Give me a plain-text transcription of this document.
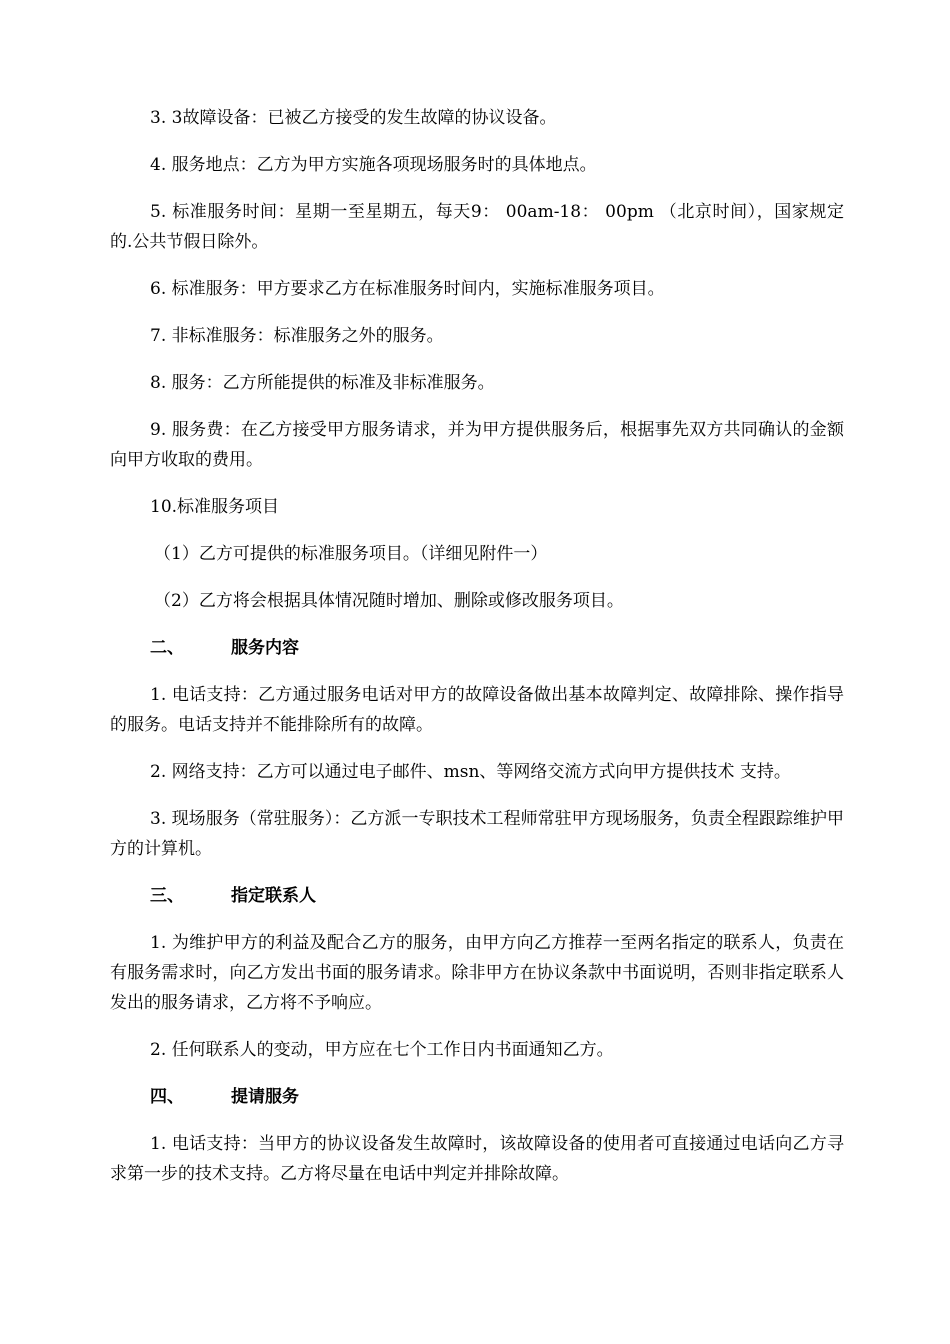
3. 3故障设备：已被乙方接受的发生故障的协议设备。

4. 服务地点：乙方为甲方实施各项现场服务时的具体地点。

5. 标准服务时间：星期一至星期五，每天9： 00am-18： 00pm （北京时间），国家规定的.公共节假日除外。

6. 标准服务：甲方要求乙方在标准服务时间内，实施标准服务项目。

7. 非标准服务：标准服务之外的服务。

8. 服务：乙方所能提供的标准及非标准服务。

9. 服务费：在乙方接受甲方服务请求，并为甲方提供服务后，根据事先双方共同确认的金额向甲方收取的费用。

10.标准服务项目

（1）乙方可提供的标准服务项目。（详细见附件一）

（2）乙方将会根据具体情况随时增加、删除或修改服务项目。

二、	服务内容

1. 电话支持：乙方通过服务电话对甲方的故障设备做出基本故障判定、故障排除、操作指导的服务。电话支持并不能排除所有的故障。

2. 网络支持：乙方可以通过电子邮件、msn、等网络交流方式向甲方提供技术 支持。

3. 现场服务（常驻服务）：乙方派一专职技术工程师常驻甲方现场服务，负责全程跟踪维护甲方的计算机。

三、	指定联系人

1. 为维护甲方的利益及配合乙方的服务，由甲方向乙方推荐一至两名指定的联系人，负责在有服务需求时，向乙方发出书面的服务请求。除非甲方在协议条款中书面说明，否则非指定联系人发出的服务请求，乙方将不予响应。

2. 任何联系人的变动，甲方应在七个工作日内书面通知乙方。

四、	提请服务

1. 电话支持：当甲方的协议设备发生故障时，该故障设备的使用者可直接通过电话向乙方寻求第一步的技术支持。乙方将尽量在电话中判定并排除故障。
